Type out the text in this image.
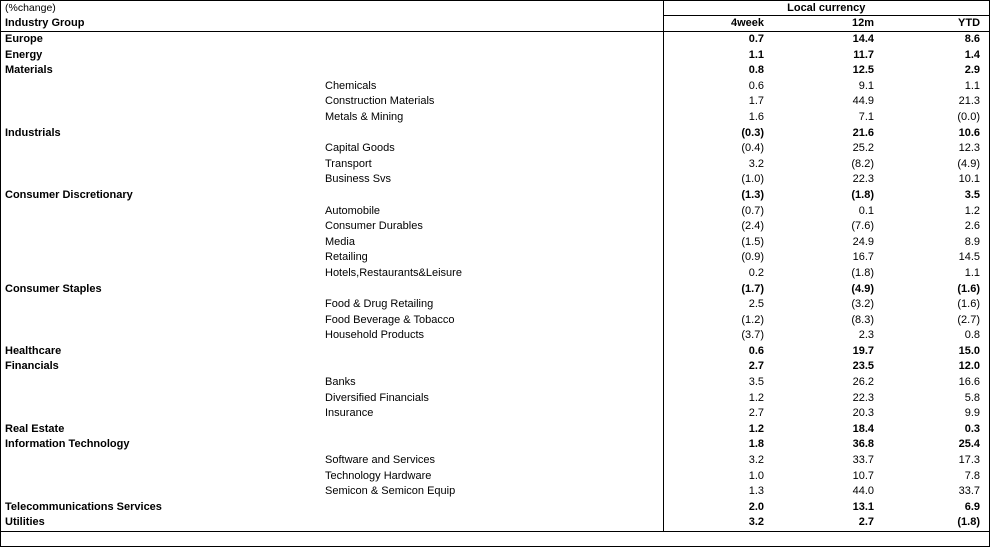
(%change)	Local currency		
Industry Group	4week	12m	YTD
Europe	0.7	14.4	8.6
Energy	1.1	11.7	1.4
Materials	0.8	12.5	2.9
Chemicals	0.6	9.1	1.1
Construction Materials	1.7	44.9	21.3
Metals & Mining	1.6	7.1	(0.0)
Industrials	(0.3)	21.6	10.6
Capital Goods	(0.4)	25.2	12.3
Transport	3.2	(8.2)	(4.9)
Business Svs	(1.0)	22.3	10.1
Consumer Discretionary	(1.3)	(1.8)	3.5
Automobile	(0.7)	0.1	1.2
Consumer Durables	(2.4)	(7.6)	2.6
Media	(1.5)	24.9	8.9
Retailing	(0.9)	16.7	14.5
Hotels,Restaurants&Leisure	0.2	(1.8)	1.1
Consumer Staples	(1.7)	(4.9)	(1.6)
Food & Drug Retailing	2.5	(3.2)	(1.6)
Food Beverage & Tobacco	(1.2)	(8.3)	(2.7)
Household Products	(3.7)	2.3	0.8
Healthcare	0.6	19.7	15.0
Financials	2.7	23.5	12.0
Banks	3.5	26.2	16.6
Diversified Financials	1.2	22.3	5.8
Insurance	2.7	20.3	9.9
Real Estate	1.2	18.4	0.3
Information Technology	1.8	36.8	25.4
Software and Services	3.2	33.7	17.3
Technology Hardware	1.0	10.7	7.8
Semicon & Semicon Equip	1.3	44.0	33.7
Telecommunications Services	2.0	13.1	6.9
Utilities	3.2	2.7	(1.8)
